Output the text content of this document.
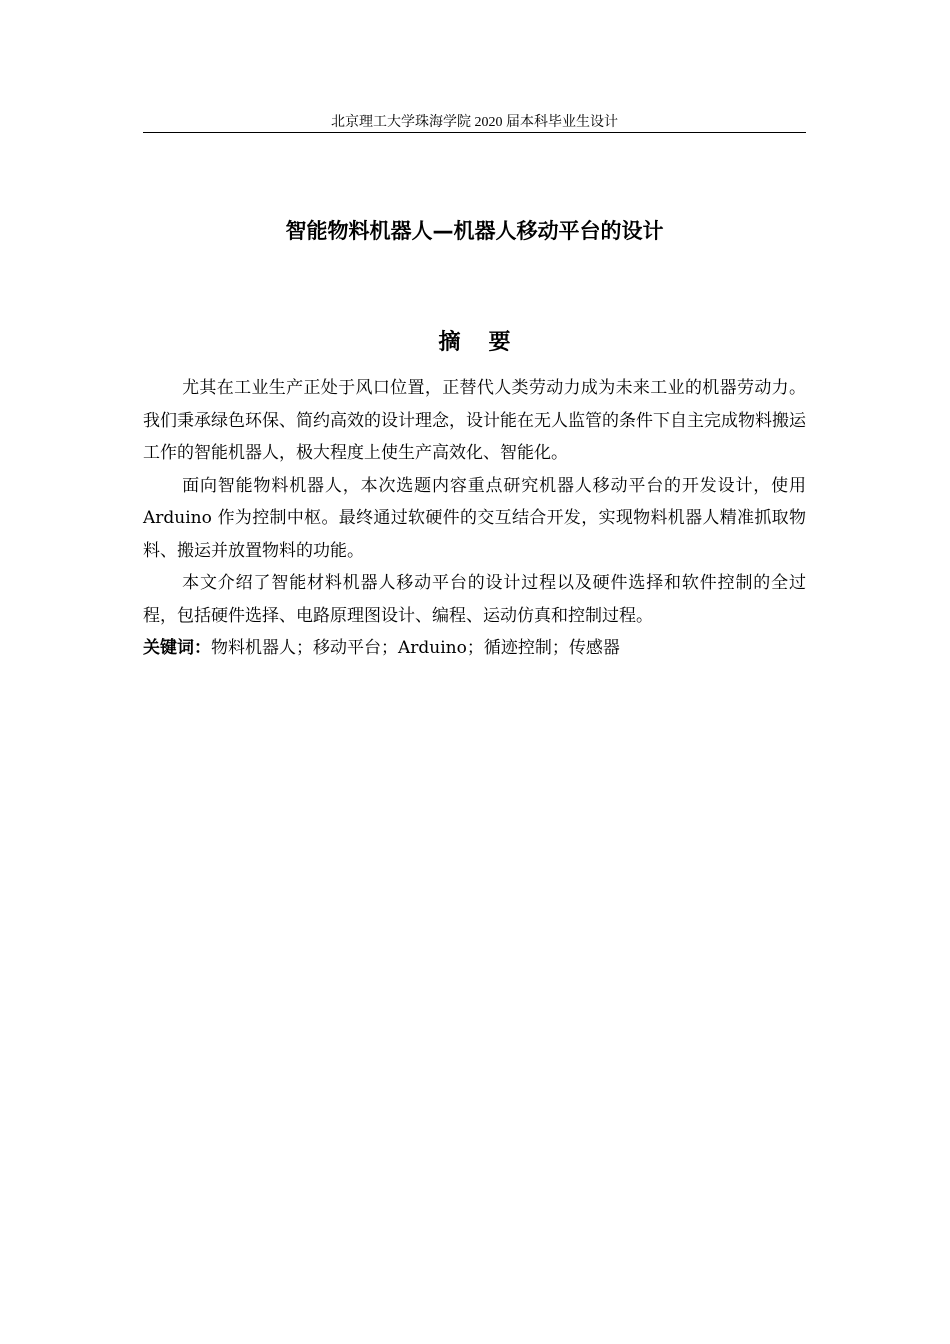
北京理工大学珠海学院 2020 届本科毕业生设计
智能物料机器人—机器人移动平台的设计
摘要

尤其在工业生产正处于风口位置，正替代人类劳动力成为未来工业的机器劳动力。我们秉承绿色环保、简约高效的设计理念，设计能在无人监管的条件下自主完成物料搬运工作的智能机器人，极大程度上使生产高效化、智能化。

面向智能物料机器人，本次选题内容重点研究机器人移动平台的开发设计，使用 Arduino 作为控制中枢。最终通过软硬件的交互结合开发，实现物料机器人精准抓取物料、搬运并放置物料的功能。

本文介绍了智能材料机器人移动平台的设计过程以及硬件选择和软件控制的全过程，包括硬件选择、电路原理图设计、编程、运动仿真和控制过程。

关键词：物料机器人；移动平台；Arduino；循迹控制；传感器
